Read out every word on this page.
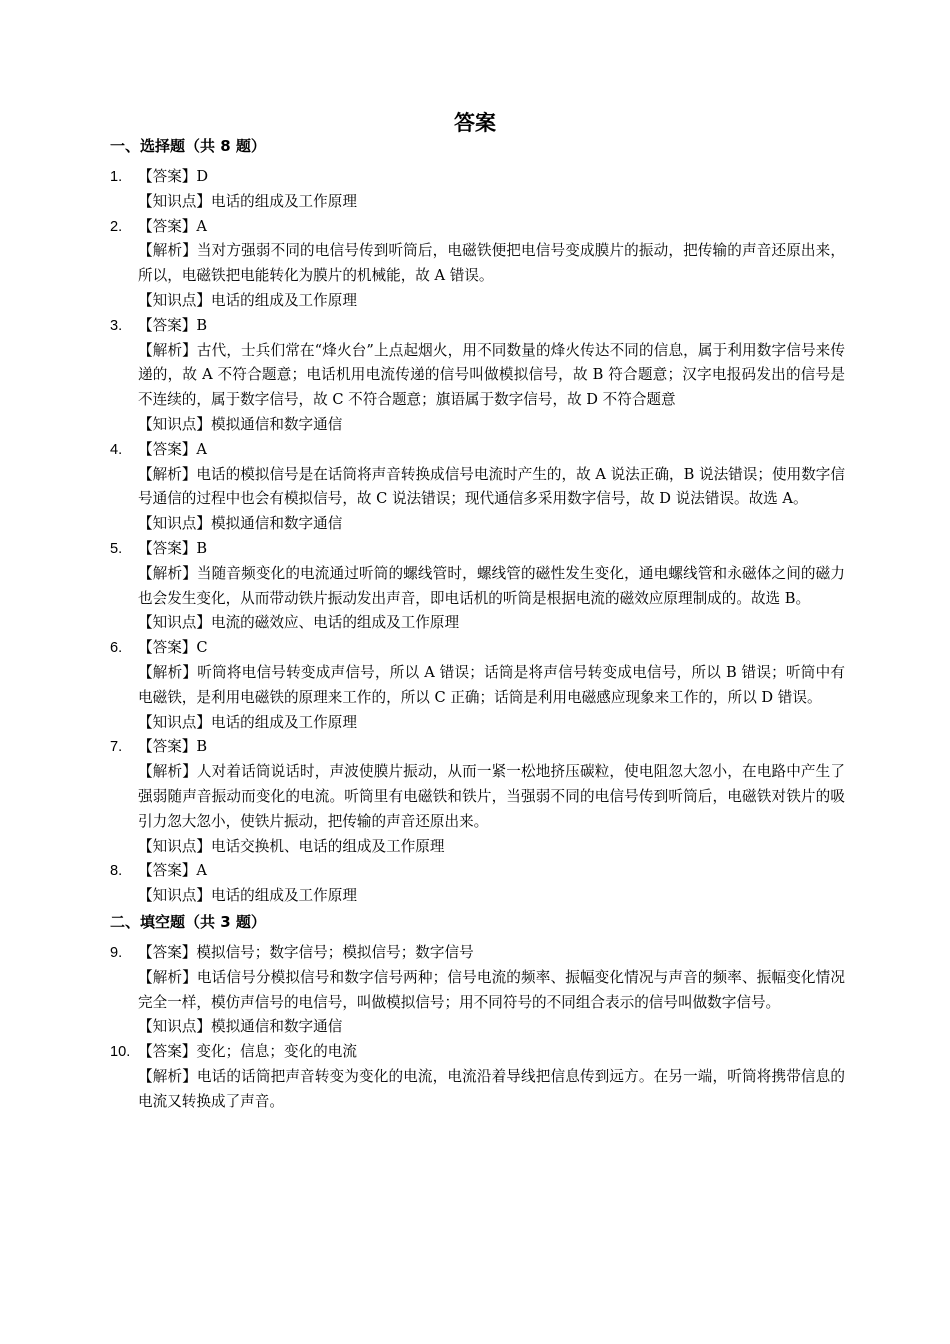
答案
一、选择题（共 8 题）
1.	【答案】D

【知识点】电话的组成及工作原理

2.	【答案】A

【解析】当对方强弱不同的电信号传到听筒后，电磁铁便把电信号变成膜片的振动，把传输的声音还原出来，所以，电磁铁把电能转化为膜片的机械能，故 A 错误。

【知识点】电话的组成及工作原理

3.	【答案】B

【解析】古代，士兵们常在“烽火台”上点起烟火，用不同数量的烽火传达不同的信息，属于利用数字信号来传递的，故 A 不符合题意；电话机用电流传递的信号叫做模拟信号，故 B 符合题意；汉字电报码发出的信号是不连续的，属于数字信号，故 C 不符合题意；旗语属于数字信号，故 D 不符合题意

【知识点】模拟通信和数字通信

4.	【答案】A

【解析】电话的模拟信号是在话筒将声音转换成信号电流时产生的，故 A 说法正确，B 说法错误；使用数字信号通信的过程中也会有模拟信号，故 C 说法错误；现代通信多采用数字信号，故 D 说法错误。故选 A。

【知识点】模拟通信和数字通信

5.	【答案】B

【解析】当随音频变化的电流通过听筒的螺线管时，螺线管的磁性发生变化，通电螺线管和永磁体之间的磁力也会发生变化，从而带动铁片振动发出声音，即电话机的听筒是根据电流的磁效应原理制成的。故选 B。

【知识点】电流的磁效应、电话的组成及工作原理

6.	【答案】C

【解析】听筒将电信号转变成声信号，所以 A 错误；话筒是将声信号转变成电信号，所以 B 错误；听筒中有电磁铁，是利用电磁铁的原理来工作的，所以 C 正确；话筒是利用电磁感应现象来工作的，所以 D 错误。

【知识点】电话的组成及工作原理

7.	【答案】B

【解析】人对着话筒说话时，声波使膜片振动，从而一紧一松地挤压碳粒，使电阻忽大忽小，在电路中产生了强弱随声音振动而变化的电流。听筒里有电磁铁和铁片，当强弱不同的电信号传到听筒后，电磁铁对铁片的吸引力忽大忽小，使铁片振动，把传输的声音还原出来。

【知识点】电话交换机、电话的组成及工作原理

8.	【答案】A

【知识点】电话的组成及工作原理

二、填空题（共 3 题）
9.	【答案】模拟信号；数字信号；模拟信号；数字信号

【解析】电话信号分模拟信号和数字信号两种；信号电流的频率、振幅变化情况与声音的频率、振幅变化情况完全一样，模仿声信号的电信号，叫做模拟信号；用不同符号的不同组合表示的信号叫做数字信号。

【知识点】模拟通信和数字通信

10. 【答案】变化；信息；变化的电流

【解析】电话的话筒把声音转变为变化的电流，电流沿着导线把信息传到远方。在另一端，听筒将携带信息的电流又转换成了声音。
